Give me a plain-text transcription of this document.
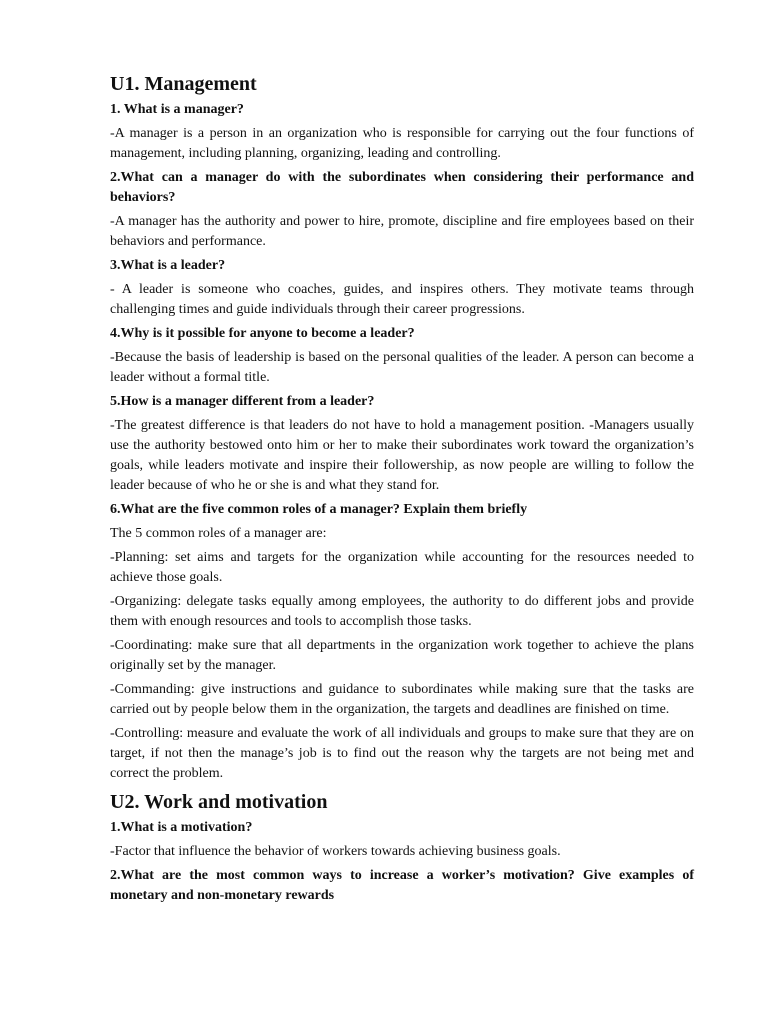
U1. Management
1. What is a manager?
-A manager is a person in an organization who is responsible for carrying out the four functions of management, including planning, organizing, leading and controlling.
2.What can a manager do with the subordinates when considering their performance and behaviors?
-A manager has the authority and power to hire, promote, discipline and fire employees based on their behaviors and performance.
3.What is a leader?
- A leader is someone who coaches, guides, and inspires others. They motivate teams through challenging times and guide individuals through their career progressions.
4.Why is it possible for anyone to become a leader?
-Because the basis of leadership is based on the personal qualities of the leader. A person can become a leader without a formal title.
5.How is a manager different from a leader?
-The greatest difference is that leaders do not have to hold a management position. -Managers usually use the authority bestowed onto him or her to make their subordinates work toward the organization’s goals, while leaders motivate and inspire their followership, as now people are willing to follow the leader because of who he or she is and what they stand for.
6.What are the five common roles of a manager? Explain them briefly
The 5 common roles of a manager are:
-Planning: set aims and targets for the organization while accounting for the resources needed to achieve those goals.
-Organizing: delegate tasks equally among employees, the authority to do different jobs and provide them with enough resources and tools to accomplish those tasks.
-Coordinating: make sure that all departments in the organization work together to achieve the plans originally set by the manager.
-Commanding: give instructions and guidance to subordinates while making sure that the tasks are carried out by people below them in the organization, the targets and deadlines are finished on time.
-Controlling: measure and evaluate the work of all individuals and groups to make sure that they are on target, if not then the manage’s job is to find out the reason why the targets are not being met and correct the problem.
U2. Work and motivation
1.What is a motivation?
-Factor that influence the behavior of workers towards achieving business goals.
2.What are the most common ways to increase a worker’s motivation? Give examples of monetary and non-monetary rewards
